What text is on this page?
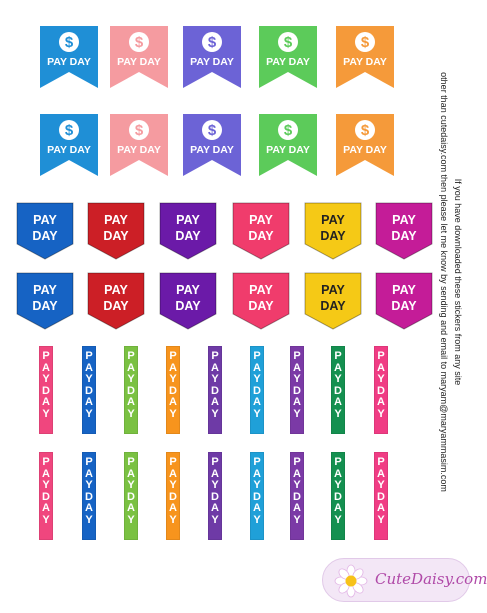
$
PAY DAY
$
PAY DAY
$
PAY DAY
$
PAY DAY
$
PAY DAY
$
PAY DAY
$
PAY DAY
$
PAY DAY
$
PAY DAY
$
PAY DAY
PAY
DAY
PAY
DAY
PAY
DAY
PAY
DAY
PAY
DAY
PAY
DAY
PAY
DAY
PAY
DAY
PAY
DAY
PAY
DAY
PAY
DAY
PAY
DAY
P
A
Y
D
A
Y
P
A
Y
D
A
Y
P
A
Y
D
A
Y
P
A
Y
D
A
Y
P
A
Y
D
A
Y
P
A
Y
D
A
Y
P
A
Y
D
A
Y
P
A
Y
D
A
Y
P
A
Y
D
A
Y
P
A
Y
D
A
Y
P
A
Y
D
A
Y
P
A
Y
D
A
Y
P
A
Y
D
A
Y
P
A
Y
D
A
Y
P
A
Y
D
A
Y
P
A
Y
D
A
Y
P
A
Y
D
A
Y
P
A
Y
D
A
Y
If you have downloaded these stickers from any site
other than cutedaisy.com then please let me know by sending and email to maryam@maryammasim.com
CuteDaisy.com
